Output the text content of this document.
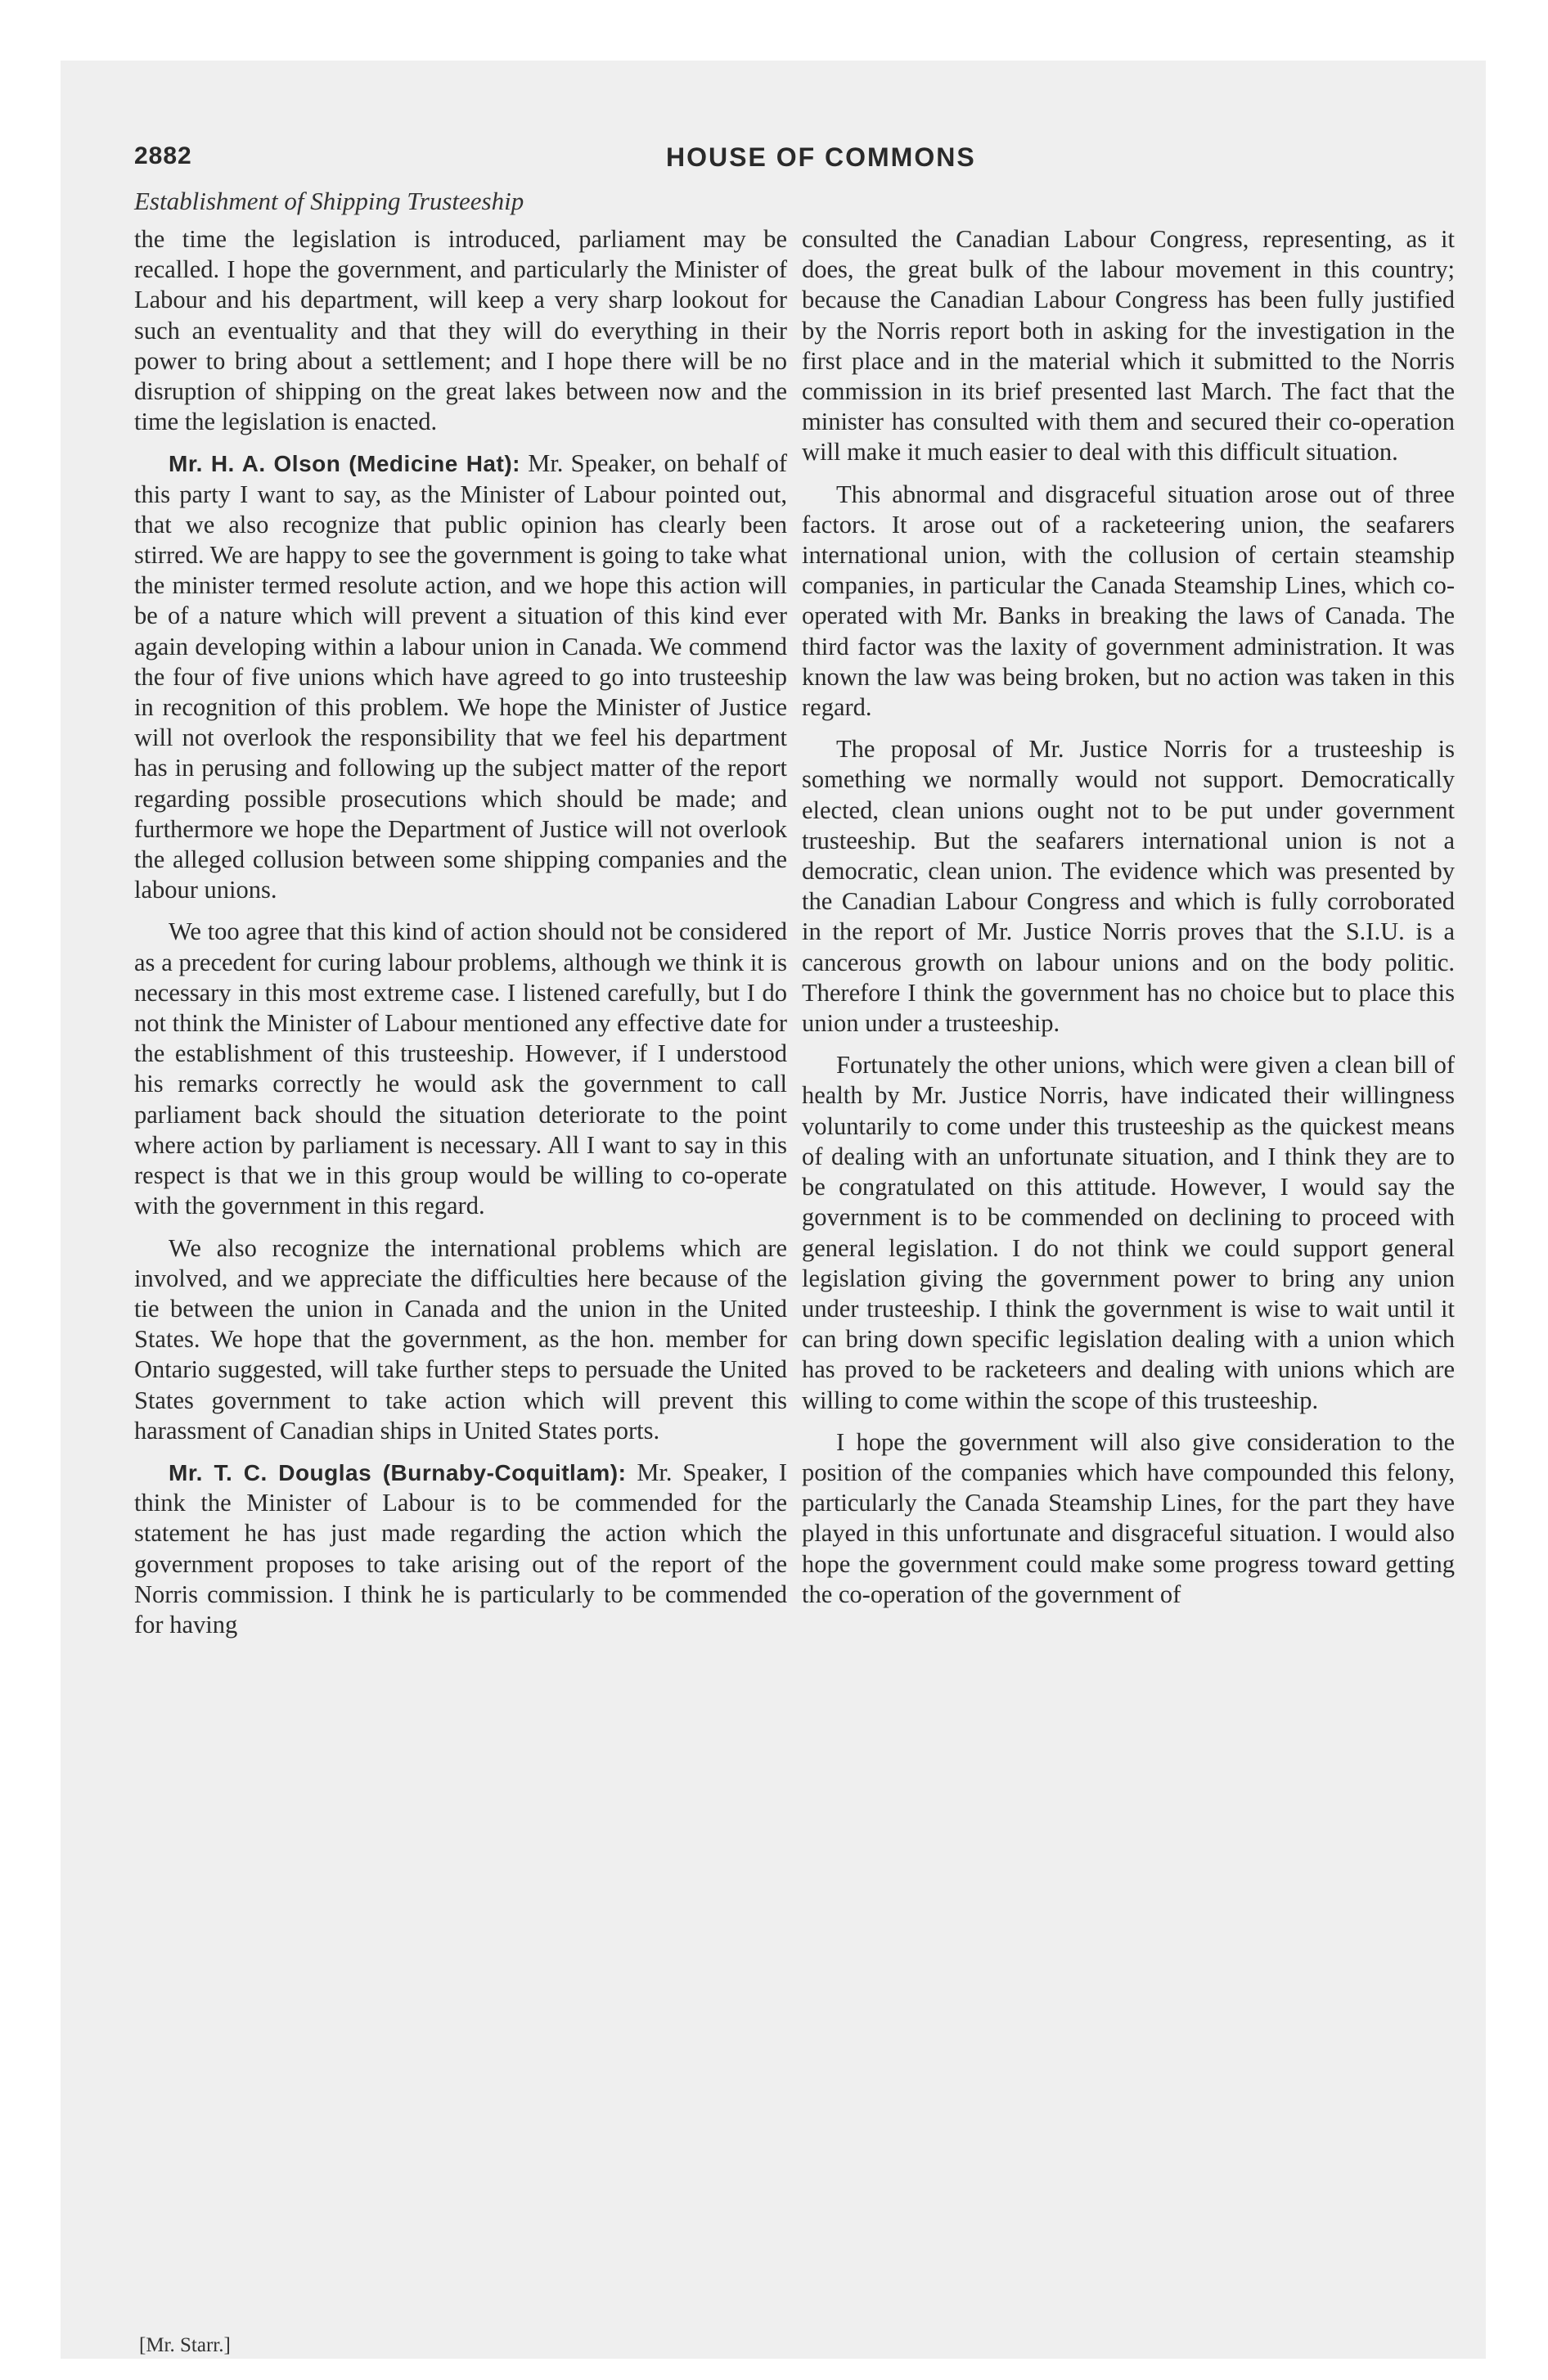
2882	HOUSE OF COMMONS
Establishment of Shipping Trusteeship

the time the legislation is introduced, parliament may be recalled. I hope the government, and particularly the Minister of Labour and his department, will keep a very sharp lookout for such an eventuality and that they will do everything in their power to bring about a settlement; and I hope there will be no disruption of shipping on the great lakes between now and the time the legislation is enacted.

Mr. H. A. Olson (Medicine Hat): Mr. Speaker, on behalf of this party I want to say, as the Minister of Labour pointed out, that we also recognize that public opinion has clearly been stirred. We are happy to see the government is going to take what the minister termed resolute action, and we hope this action will be of a nature which will prevent a situation of this kind ever again developing within a labour union in Canada. We commend the four of five unions which have agreed to go into trusteeship in recognition of this problem. We hope the Minister of Justice will not overlook the responsibility that we feel his department has in perusing and following up the subject matter of the report regarding possible prosecutions which should be made; and furthermore we hope the Department of Justice will not overlook the alleged collusion between some shipping companies and the labour unions.

We too agree that this kind of action should not be considered as a precedent for curing labour problems, although we think it is necessary in this most extreme case. I listened carefully, but I do not think the Minister of Labour mentioned any effective date for the establishment of this trusteeship. However, if I understood his remarks correctly he would ask the government to call parliament back should the situation deteriorate to the point where action by parliament is necessary. All I want to say in this respect is that we in this group would be willing to co-operate with the government in this regard.

We also recognize the international problems which are involved, and we appreciate the difficulties here because of the tie between the union in Canada and the union in the United States. We hope that the government, as the hon. member for Ontario suggested, will take further steps to persuade the United States government to take action which will prevent this harassment of Canadian ships in United States ports.

Mr. T. C. Douglas (Burnaby-Coquitlam): Mr. Speaker, I think the Minister of Labour is to be commended for the statement he has just made regarding the action which the government proposes to take arising out of the report of the Norris commission. I think he is particularly to be commended for having

consulted the Canadian Labour Congress, representing, as it does, the great bulk of the labour movement in this country; because the Canadian Labour Congress has been fully justified by the Norris report both in asking for the investigation in the first place and in the material which it submitted to the Norris commission in its brief presented last March. The fact that the minister has consulted with them and secured their co-operation will make it much easier to deal with this difficult situation.

This abnormal and disgraceful situation arose out of three factors. It arose out of a racketeering union, the seafarers international union, with the collusion of certain steamship companies, in particular the Canada Steamship Lines, which co-operated with Mr. Banks in breaking the laws of Canada. The third factor was the laxity of government administration. It was known the law was being broken, but no action was taken in this regard.

The proposal of Mr. Justice Norris for a trusteeship is something we normally would not support. Democratically elected, clean unions ought not to be put under government trusteeship. But the seafarers international union is not a democratic, clean union. The evidence which was presented by the Canadian Labour Congress and which is fully corroborated in the report of Mr. Justice Norris proves that the S.I.U. is a cancerous growth on labour unions and on the body politic. Therefore I think the government has no choice but to place this union under a trusteeship.

Fortunately the other unions, which were given a clean bill of health by Mr. Justice Norris, have indicated their willingness voluntarily to come under this trusteeship as the quickest means of dealing with an unfortunate situation, and I think they are to be congratulated on this attitude. However, I would say the government is to be commended on declining to proceed with general legislation. I do not think we could support general legislation giving the government power to bring any union under trusteeship. I think the government is wise to wait until it can bring down specific legislation dealing with a union which has proved to be racketeers and dealing with unions which are willing to come within the scope of this trusteeship.

I hope the government will also give consideration to the position of the companies which have compounded this felony, particularly the Canada Steamship Lines, for the part they have played in this unfortunate and disgraceful situation. I would also hope the government could make some progress toward getting the co-operation of the government of

[Mr. Starr.]
